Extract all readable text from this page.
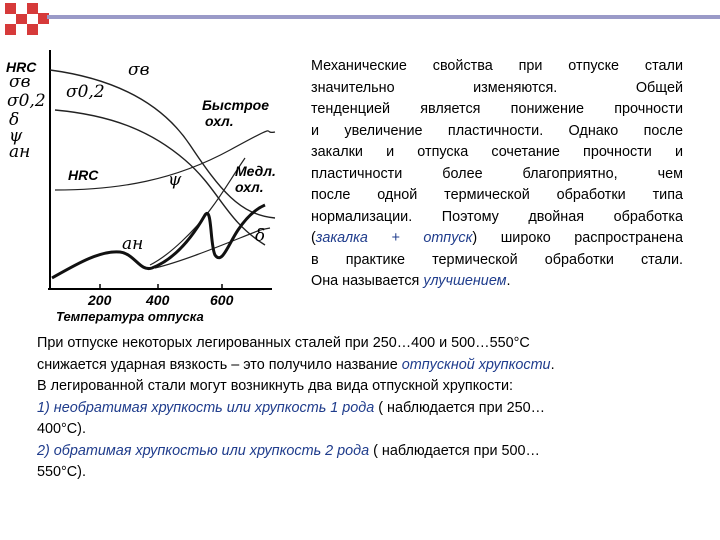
HRC
σв
σ0,2
δ
ψ
aн
σв
σ0,2
Быстрое
охл.
Медл.
охл.
HRC	ψ
aн	δ
200 400	600
Температура отпуска
Механические свойства при отпуске стали
значительно	изменяются.	Общей
тенденцией является понижение прочности
и увеличение пластичности. Однако после
закалки и отпуска сочетание прочности и
пластичности более благоприятно, чем
после одной термической обработки типа
нормализации. Поэтому двойная обработка
(закалка + отпуск) широко распространена
в практике термической обработки стали.
Она называется улучшением.
При отпуске некоторых легированных сталей при 250…400 и 500…550°С
снижается ударная вязкость – это получило название отпускной хрупкости.
В легированной стали могут возникнуть два вида отпускной хрупкости:
1) необратимая хрупкость или хрупкость 1 рода ( наблюдается при 250…
400°С).
2) обратимая хрупкостью или хрупкость 2 рода ( наблюдается при 500…
550°С).
